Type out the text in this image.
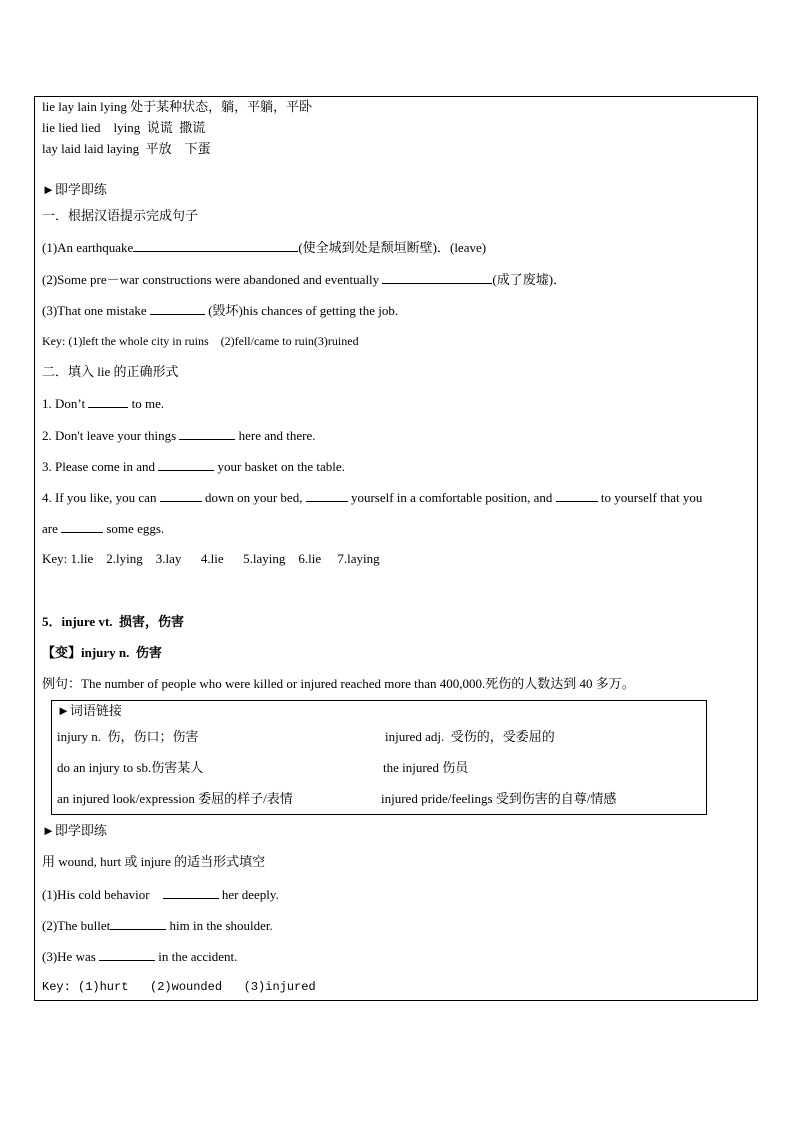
lie lay lain lying 处于某种状态，躺，平躺，平卧
lie lied lied    lying  说谎  撒谎
lay laid laid laying  平放    下蛋
►即学即练
一．根据汉语提示完成句子
(1)An earthquake	(使全城到处是颓垣断壁)．(leave)
(2)Some pre－war constructions were abandoned and eventually	(成了废墟)．
(3)That one mistake	(毁坏)his chances of getting the job.
Key: (1)left the whole city in ruins    (2)fell/came to ruin(3)ruined
二．填入 lie 的正确形式
1. Don’t	to me.
2. Don't leave your things	here and there.
3. Please come in and	your basket on the table.
4. If you like, you can	down on your bed,	yourself in a comfortable position, and	to yourself that you
are	some eggs.
Key: 1.lie    2.lying    3.lay      4.lie      5.laying    6.lie     7.laying
5．injure vt.  损害，伤害
【变】injury n.  伤害
例句：The number of people who were killed or injured reached more than 400,000.死伤的人数达到 40 多万。
►词语链接
injury n.  伤，伤口；伤害	injured adj.  受伤的，受委屈的
do an injury to sb.伤害某人	the injured 伤员
an injured look/expression 委屈的样子/表情	injured pride/feelings 受到伤害的自尊/情感
►即学即练
用 wound, hurt 或 injure 的适当形式填空
(1)His cold behavior	her deeply.
(2)The bullet	him in the shoulder.
(3)He was	in the accident.
Key: (1)hurt   (2)wounded   (3)injured
